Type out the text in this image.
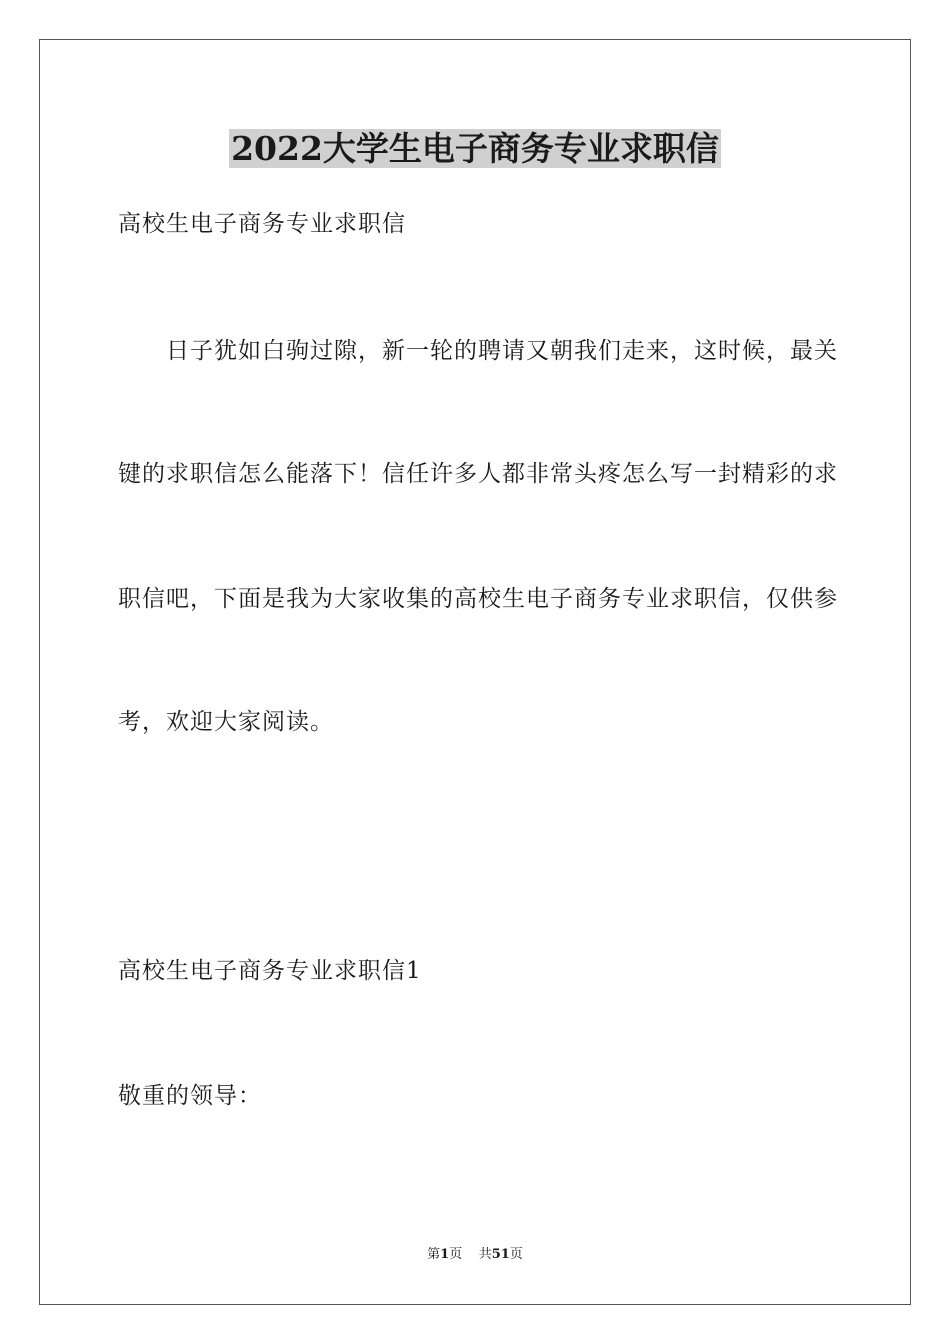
2022大学生电子商务专业求职信

高校生电子商务专业求职信

日子犹如白驹过隙，新一轮的聘请又朝我们走来，这时候，最关

键的求职信怎么能落下！信任许多人都非常头疼怎么写一封精彩的求

职信吧，下面是我为大家收集的高校生电子商务专业求职信，仅供参

考，欢迎大家阅读。

高校生电子商务专业求职信1

敬重的领导：

第1页 共51页
